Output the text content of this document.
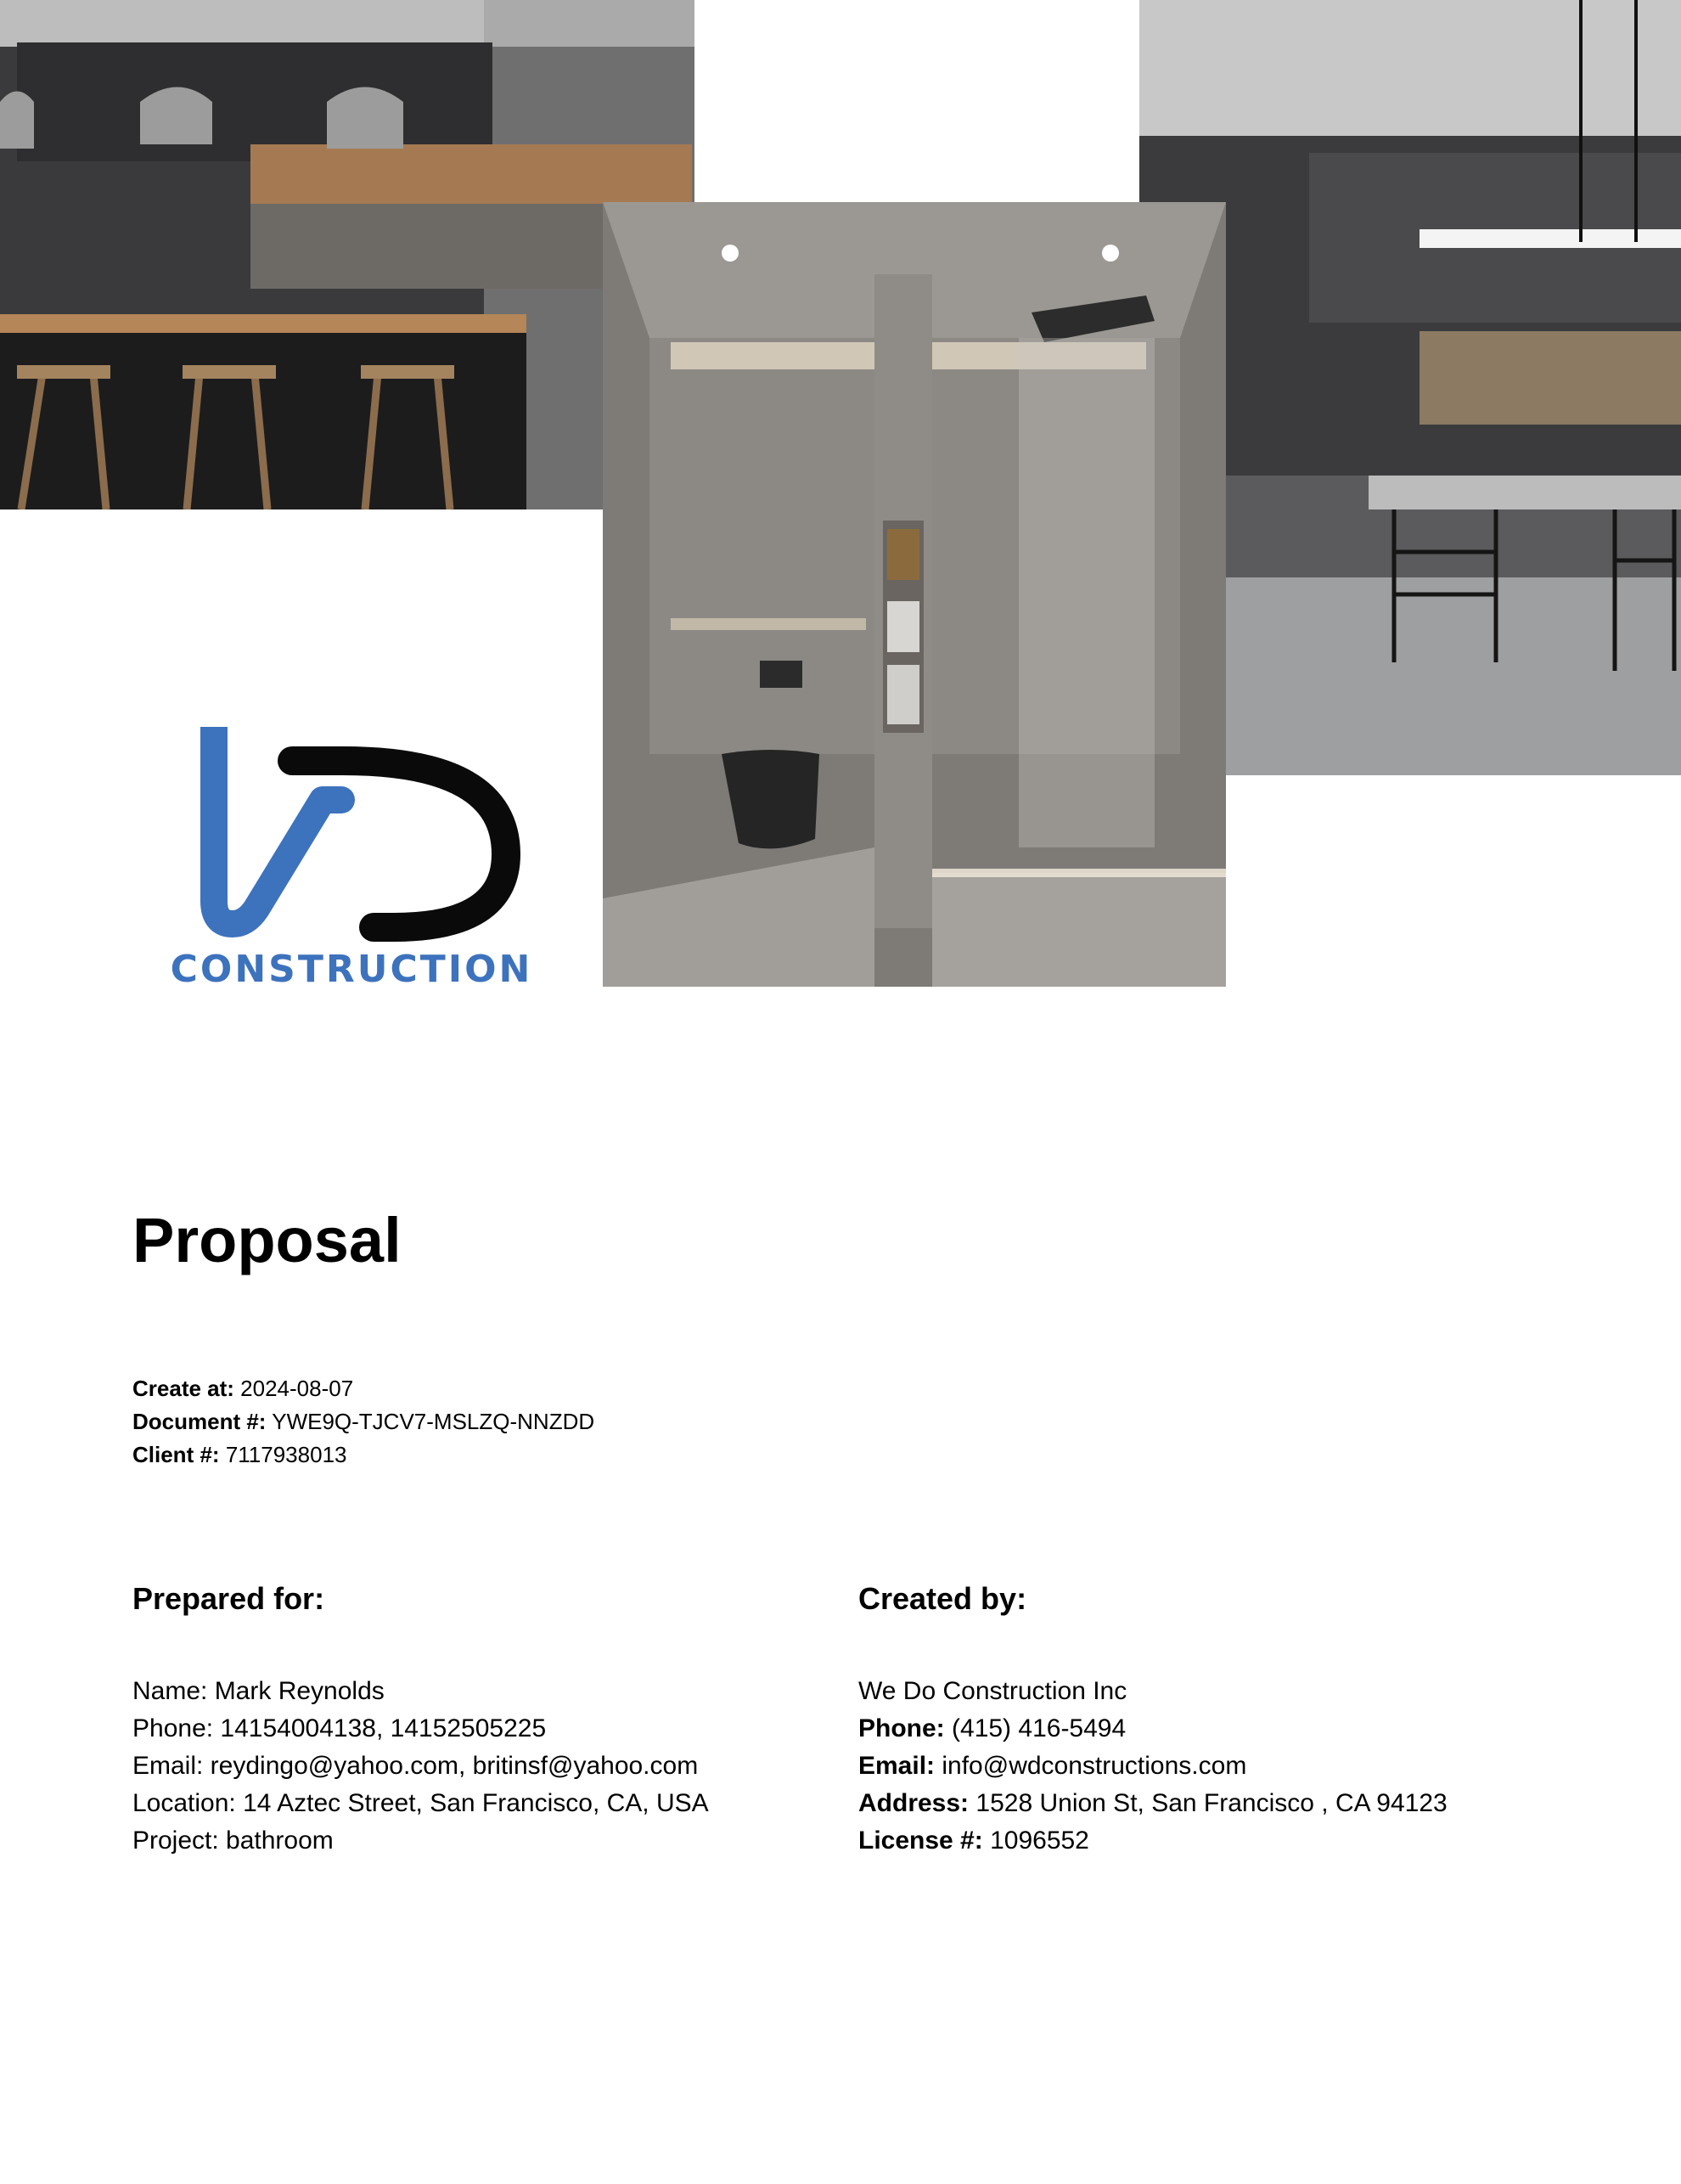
CONSTRUCTION
Proposal
Create at: 2024-08-07
Document #: YWE9Q-TJCV7-MSLZQ-NNZDD
Client #: 7117938013
Prepared for:
Name: Mark Reynolds
Phone: 14154004138, 14152505225
Email: reydingo@yahoo.com, britinsf@yahoo.com
Location: 14 Aztec Street, San Francisco, CA, USA
Project: bathroom
Created by:
We Do Construction Inc
Phone: (415) 416-5494
Email: info@wdconstructions.com
Address: 1528 Union St, San Francisco , CA 94123
License #: 1096552
